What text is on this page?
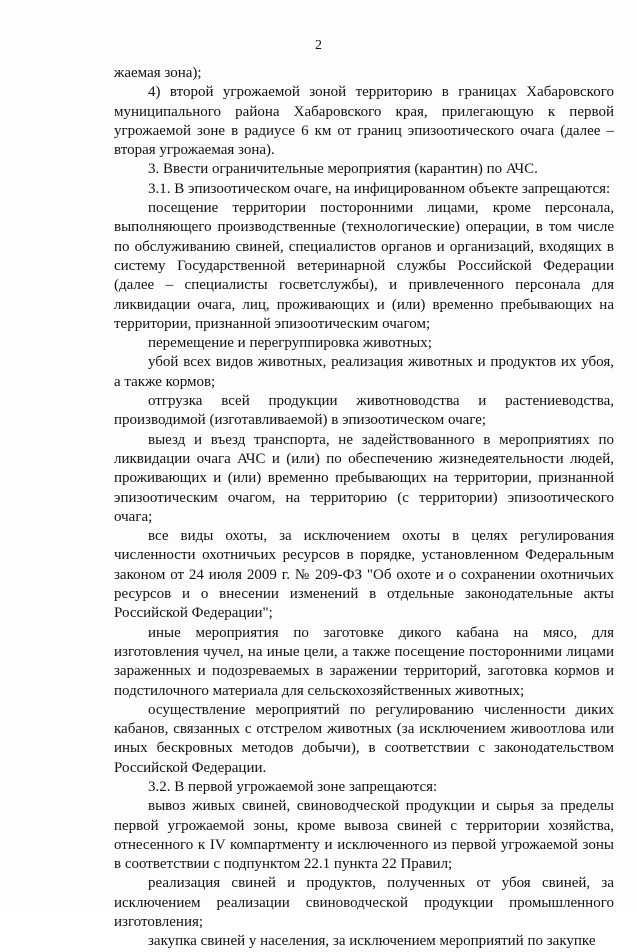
2

жаемая зона);

4) второй угрожаемой зоной территорию в границах Хабаровского муниципального района Хабаровского края, прилегающую к первой угрожаемой зоне в радиусе 6 км от границ эпизоотического очага (далее – вторая угрожаемая зона).

3. Ввести ограничительные мероприятия (карантин) по АЧС.

3.1. В эпизоотическом очаге, на инфицированном объекте запрещаются:

посещение территории посторонними лицами, кроме персонала, выполняющего производственные (технологические) операции, в том числе по обслуживанию свиней, специалистов органов и организаций, входящих в систему Государственной ветеринарной службы Российской Федерации (далее – специалисты госветслужбы), и привлеченного персонала для ликвидации очага, лиц, проживающих и (или) временно пребывающих на территории, признанной эпизоотическим очагом;

перемещение и перегруппировка животных;

убой всех видов животных, реализация животных и продуктов их убоя, а также кормов;

отгрузка всей продукции животноводства и растениеводства, производимой (изготавливаемой) в эпизоотическом очаге;

выезд и въезд транспорта, не задействованного в мероприятиях по ликвидации очага АЧС и (или) по обеспечению жизнедеятельности людей, проживающих и (или) временно пребывающих на территории, признанной эпизоотическим очагом, на территорию (с территории) эпизоотического очага;

все виды охоты, за исключением охоты в целях регулирования численности охотничьих ресурсов в порядке, установленном Федеральным законом от 24 июля 2009 г. № 209-ФЗ "Об охоте и о сохранении охотничьих ресурсов и о внесении изменений в отдельные законодательные акты Российской Федерации";

иные мероприятия по заготовке дикого кабана на мясо, для изготовления чучел, на иные цели, а также посещение посторонними лицами зараженных и подозреваемых в заражении территорий, заготовка кормов и подстилочного материала для сельскохозяйственных животных;

осуществление мероприятий по регулированию численности диких кабанов, связанных с отстрелом животных (за исключением живоотлова или иных бескровных методов добычи), в соответствии с законодательством Российской Федерации.

3.2. В первой угрожаемой зоне запрещаются:

вывоз живых свиней, свиноводческой продукции и сырья за пределы первой угрожаемой зоны, кроме вывоза свиней с территории хозяйства, отнесенного к IV компартменту и исключенного из первой угрожаемой зоны в соответствии с подпунктом 22.1 пункта 22 Правил;

реализация свиней и продуктов, полученных от убоя свиней, за исключением реализации свиноводческой продукции промышленного изготовления;

закупка свиней у населения, за исключением мероприятий по закупке
